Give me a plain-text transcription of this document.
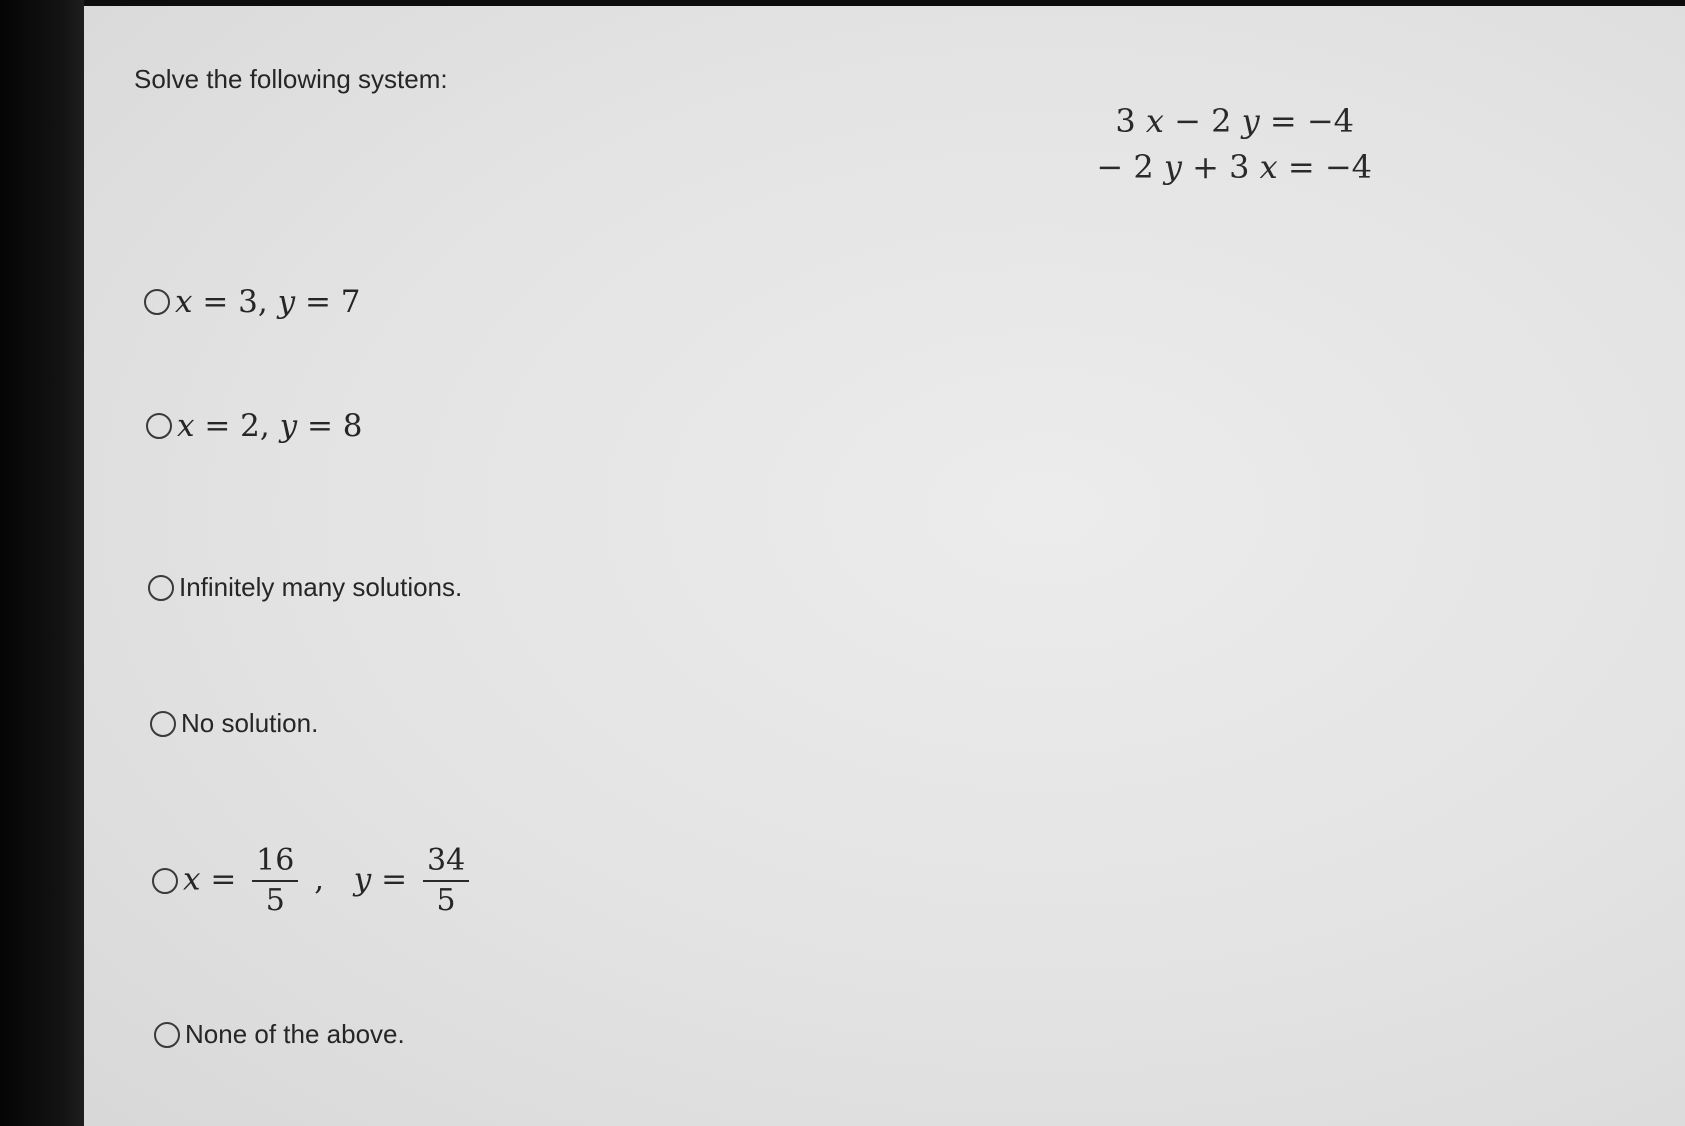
Solve the following system:
3 𝑥 − 2 𝑦 = −4
− 2 𝑦 + 3 𝑥 = −4
𝑥 = 3, 𝑦 = 7
𝑥 = 2, 𝑦 = 8
Infinitely many solutions.
No solution.
𝑥 = $\frac{16}{5}$ , 𝑦 = $\frac{34}{5}$
None of the above.
